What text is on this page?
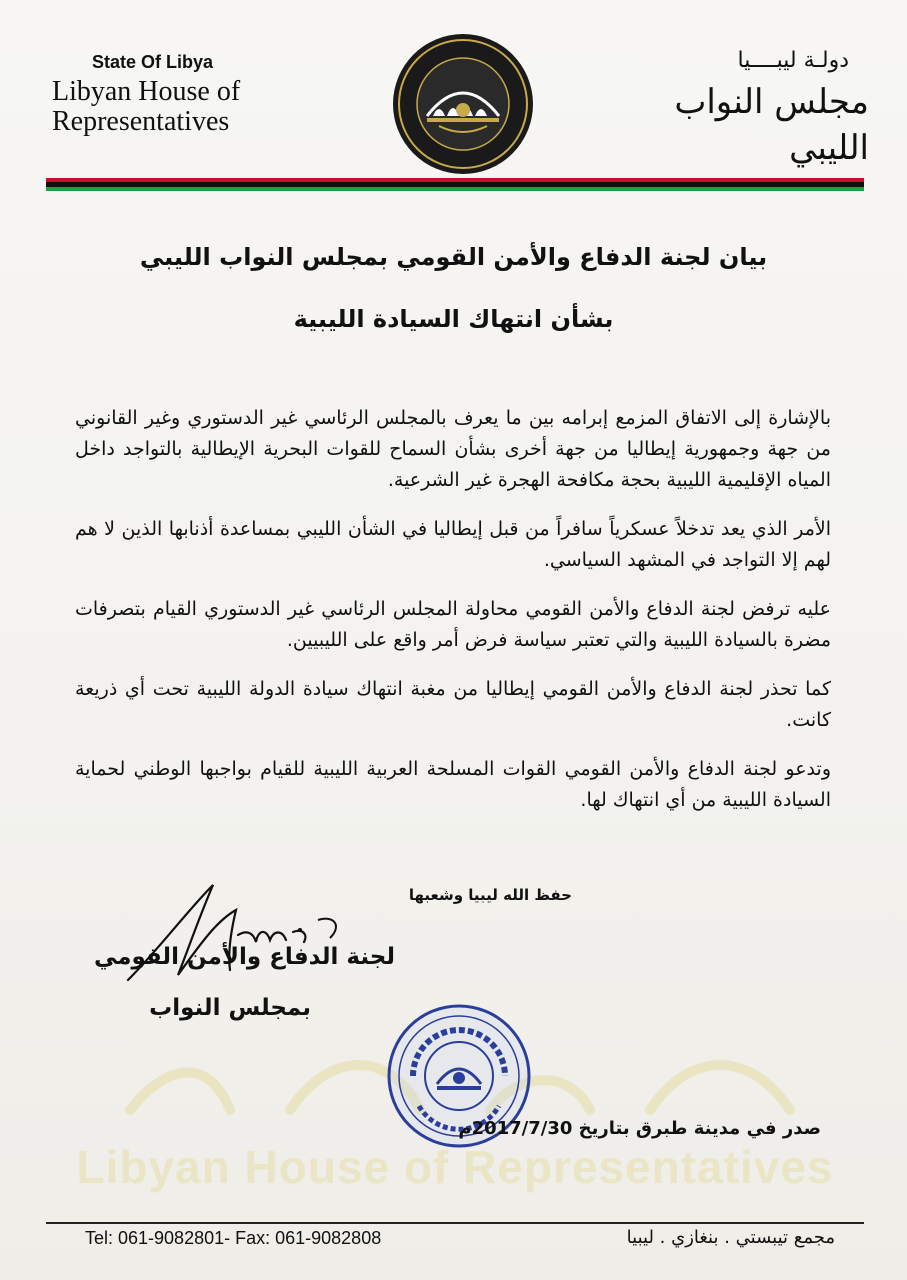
State Of Libya
Libyan House of
Representatives
دولـة ليبــــيا
مجلس النواب الليبي
بيان لجنة الدفاع والأمن القومي بمجلس النواب الليبي
بشأن انتهاك السيادة الليبية

بالإشارة إلى الاتفاق المزمع إبرامه بين ما يعرف بالمجلس الرئاسي غير الدستوري وغير القانوني من جهة وجمهورية إيطاليا من جهة أخرى بشأن السماح للقوات البحرية الإيطالية بالتواجد داخل المياه الإقليمية الليبية بحجة مكافحة الهجرة غير الشرعية.

الأمر الذي يعد تدخلاً عسكرياً سافراً من قبل إيطاليا في الشأن الليبي بمساعدة أذنابها الذين لا هم لهم إلا التواجد في المشهد السياسي.

عليه ترفض لجنة الدفاع والأمن القومي محاولة المجلس الرئاسي غير الدستوري القيام بتصرفات مضرة بالسيادة الليبية والتي تعتبر سياسة فرض أمر واقع على الليبيين.

كما تحذر لجنة الدفاع والأمن القومي إيطاليا من مغبة انتهاك سيادة الدولة الليبية تحت أي ذريعة كانت.

وتدعو لجنة الدفاع والأمن القومي القوات المسلحة العربية الليبية للقيام بواجبها الوطني لحماية السيادة الليبية من أي انتهاك لها.

حفظ الله ليبيا وشعبها
لجنة الدفاع والأمن القومي
بمجلس النواب
صدر في مدينة طبرق بتاريخ 2017/7/30م
Libyan House of Representatives
Tel: 061-9082801- Fax: 061-9082808	مجمع تيبستي . بنغازي . ليبيا
